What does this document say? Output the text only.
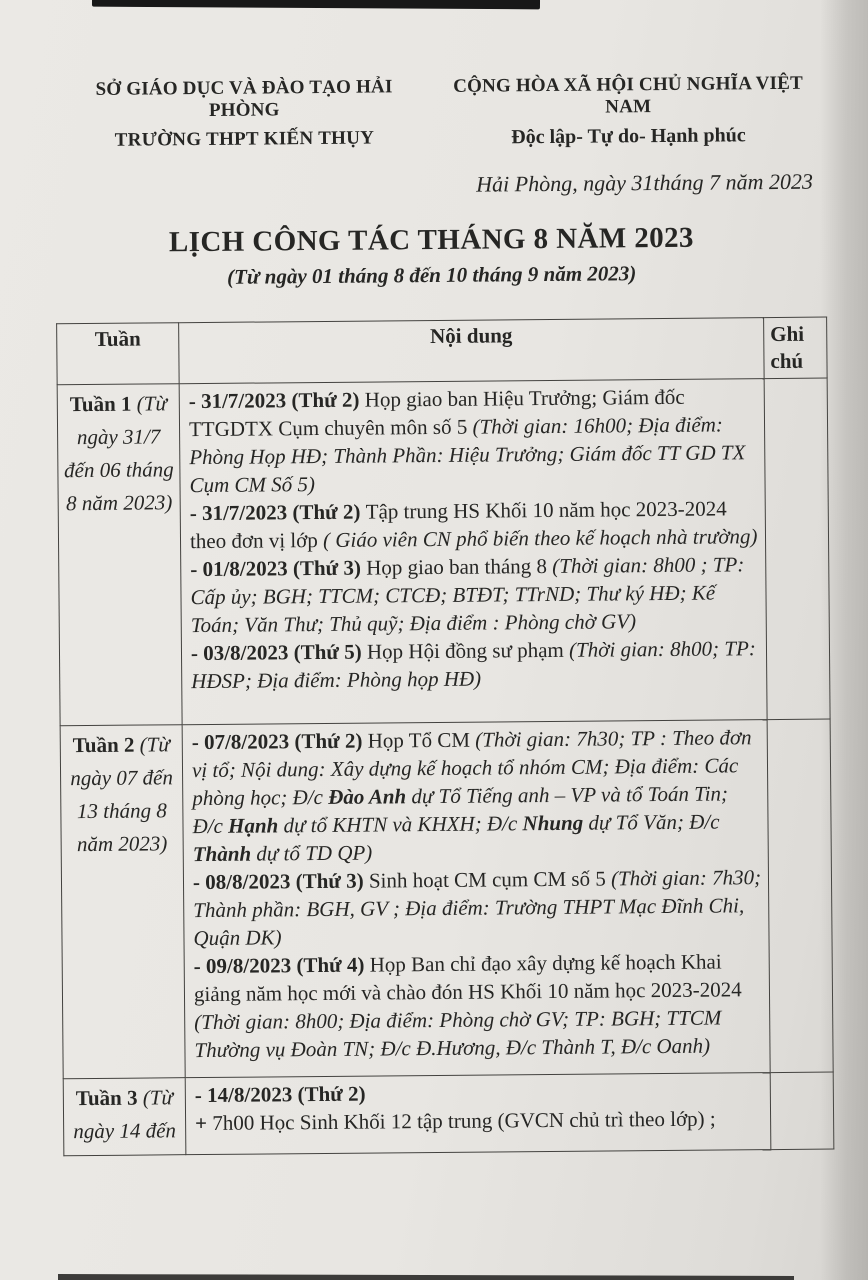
SỞ GIÁO DỤC VÀ ĐÀO TẠO HẢI PHÒNG
TRƯỜNG THPT KIẾN THỤY
CỘNG HÒA XÃ HỘI CHỦ NGHĨA VIỆT NAM
Độc lập- Tự do- Hạnh phúc
Hải Phòng, ngày 31tháng 7 năm 2023
LỊCH CÔNG TÁC THÁNG 8 NĂM 2023
(Từ ngày 01 tháng 8 đến 10 tháng 9 năm 2023)
Tuần	Nội dung	Ghi chú
Tuần 1 (Từ ngày 31/7 đến 06 tháng 8 năm 2023)	- 31/7/2023 (Thứ 2) Họp giao ban Hiệu Trưởng; Giám đốc TTGDTX Cụm chuyên môn số 5 (Thời gian: 16h00; Địa điểm: Phòng Họp HĐ; Thành Phần: Hiệu Trưởng; Giám đốc TT GD TX Cụm CM Số 5)

- 31/7/2023 (Thứ 2) Tập trung HS Khối 10 năm học 2023-2024 theo đơn vị lớp ( Giáo viên CN phổ biến theo kế hoạch nhà trường)

- 01/8/2023 (Thứ 3) Họp giao ban tháng 8 (Thời gian: 8h00 ; TP: Cấp ủy; BGH; TTCM; CTCĐ; BTĐT; TTrND; Thư ký HĐ; Kế Toán; Văn Thư; Thủ quỹ; Địa điểm : Phòng chờ GV)

- 03/8/2023 (Thứ 5) Họp Hội đồng sư phạm (Thời gian: 8h00; TP: HĐSP; Địa điểm: Phòng họp HĐ)	

Tuần 2 (Từ ngày 07 đến 13 tháng 8 năm 2023)	- 07/8/2023 (Thứ 2) Họp Tổ CM (Thời gian: 7h30; TP : Theo đơn vị tổ; Nội dung: Xây dựng kế hoạch tổ nhóm CM; Địa điểm: Các phòng học; Đ/c Đào Anh dự Tổ Tiếng anh – VP và tổ Toán Tin; Đ/c Hạnh dự tổ KHTN và KHXH; Đ/c Nhung dự Tổ Văn; Đ/c Thành dự tổ TD QP)

- 08/8/2023 (Thứ 3) Sinh hoạt CM cụm CM số 5 (Thời gian: 7h30; Thành phần: BGH, GV ; Địa điểm: Trường THPT Mạc Đĩnh Chi, Quận DK)

- 09/8/2023 (Thứ 4) Họp Ban chỉ đạo xây dựng kế hoạch Khai giảng năm học mới và chào đón HS Khối 10 năm học 2023-2024 (Thời gian: 8h00; Địa điểm: Phòng chờ GV; TP: BGH; TTCM Thường vụ Đoàn TN; Đ/c Đ.Hương, Đ/c Thành T, Đ/c Oanh)	

Tuần 3 (Từ ngày 14 đến	- 14/8/2023 (Thứ 2)

+ 7h00 Học Sinh Khối 12 tập trung (GVCN chủ trì theo lớp) ;	
